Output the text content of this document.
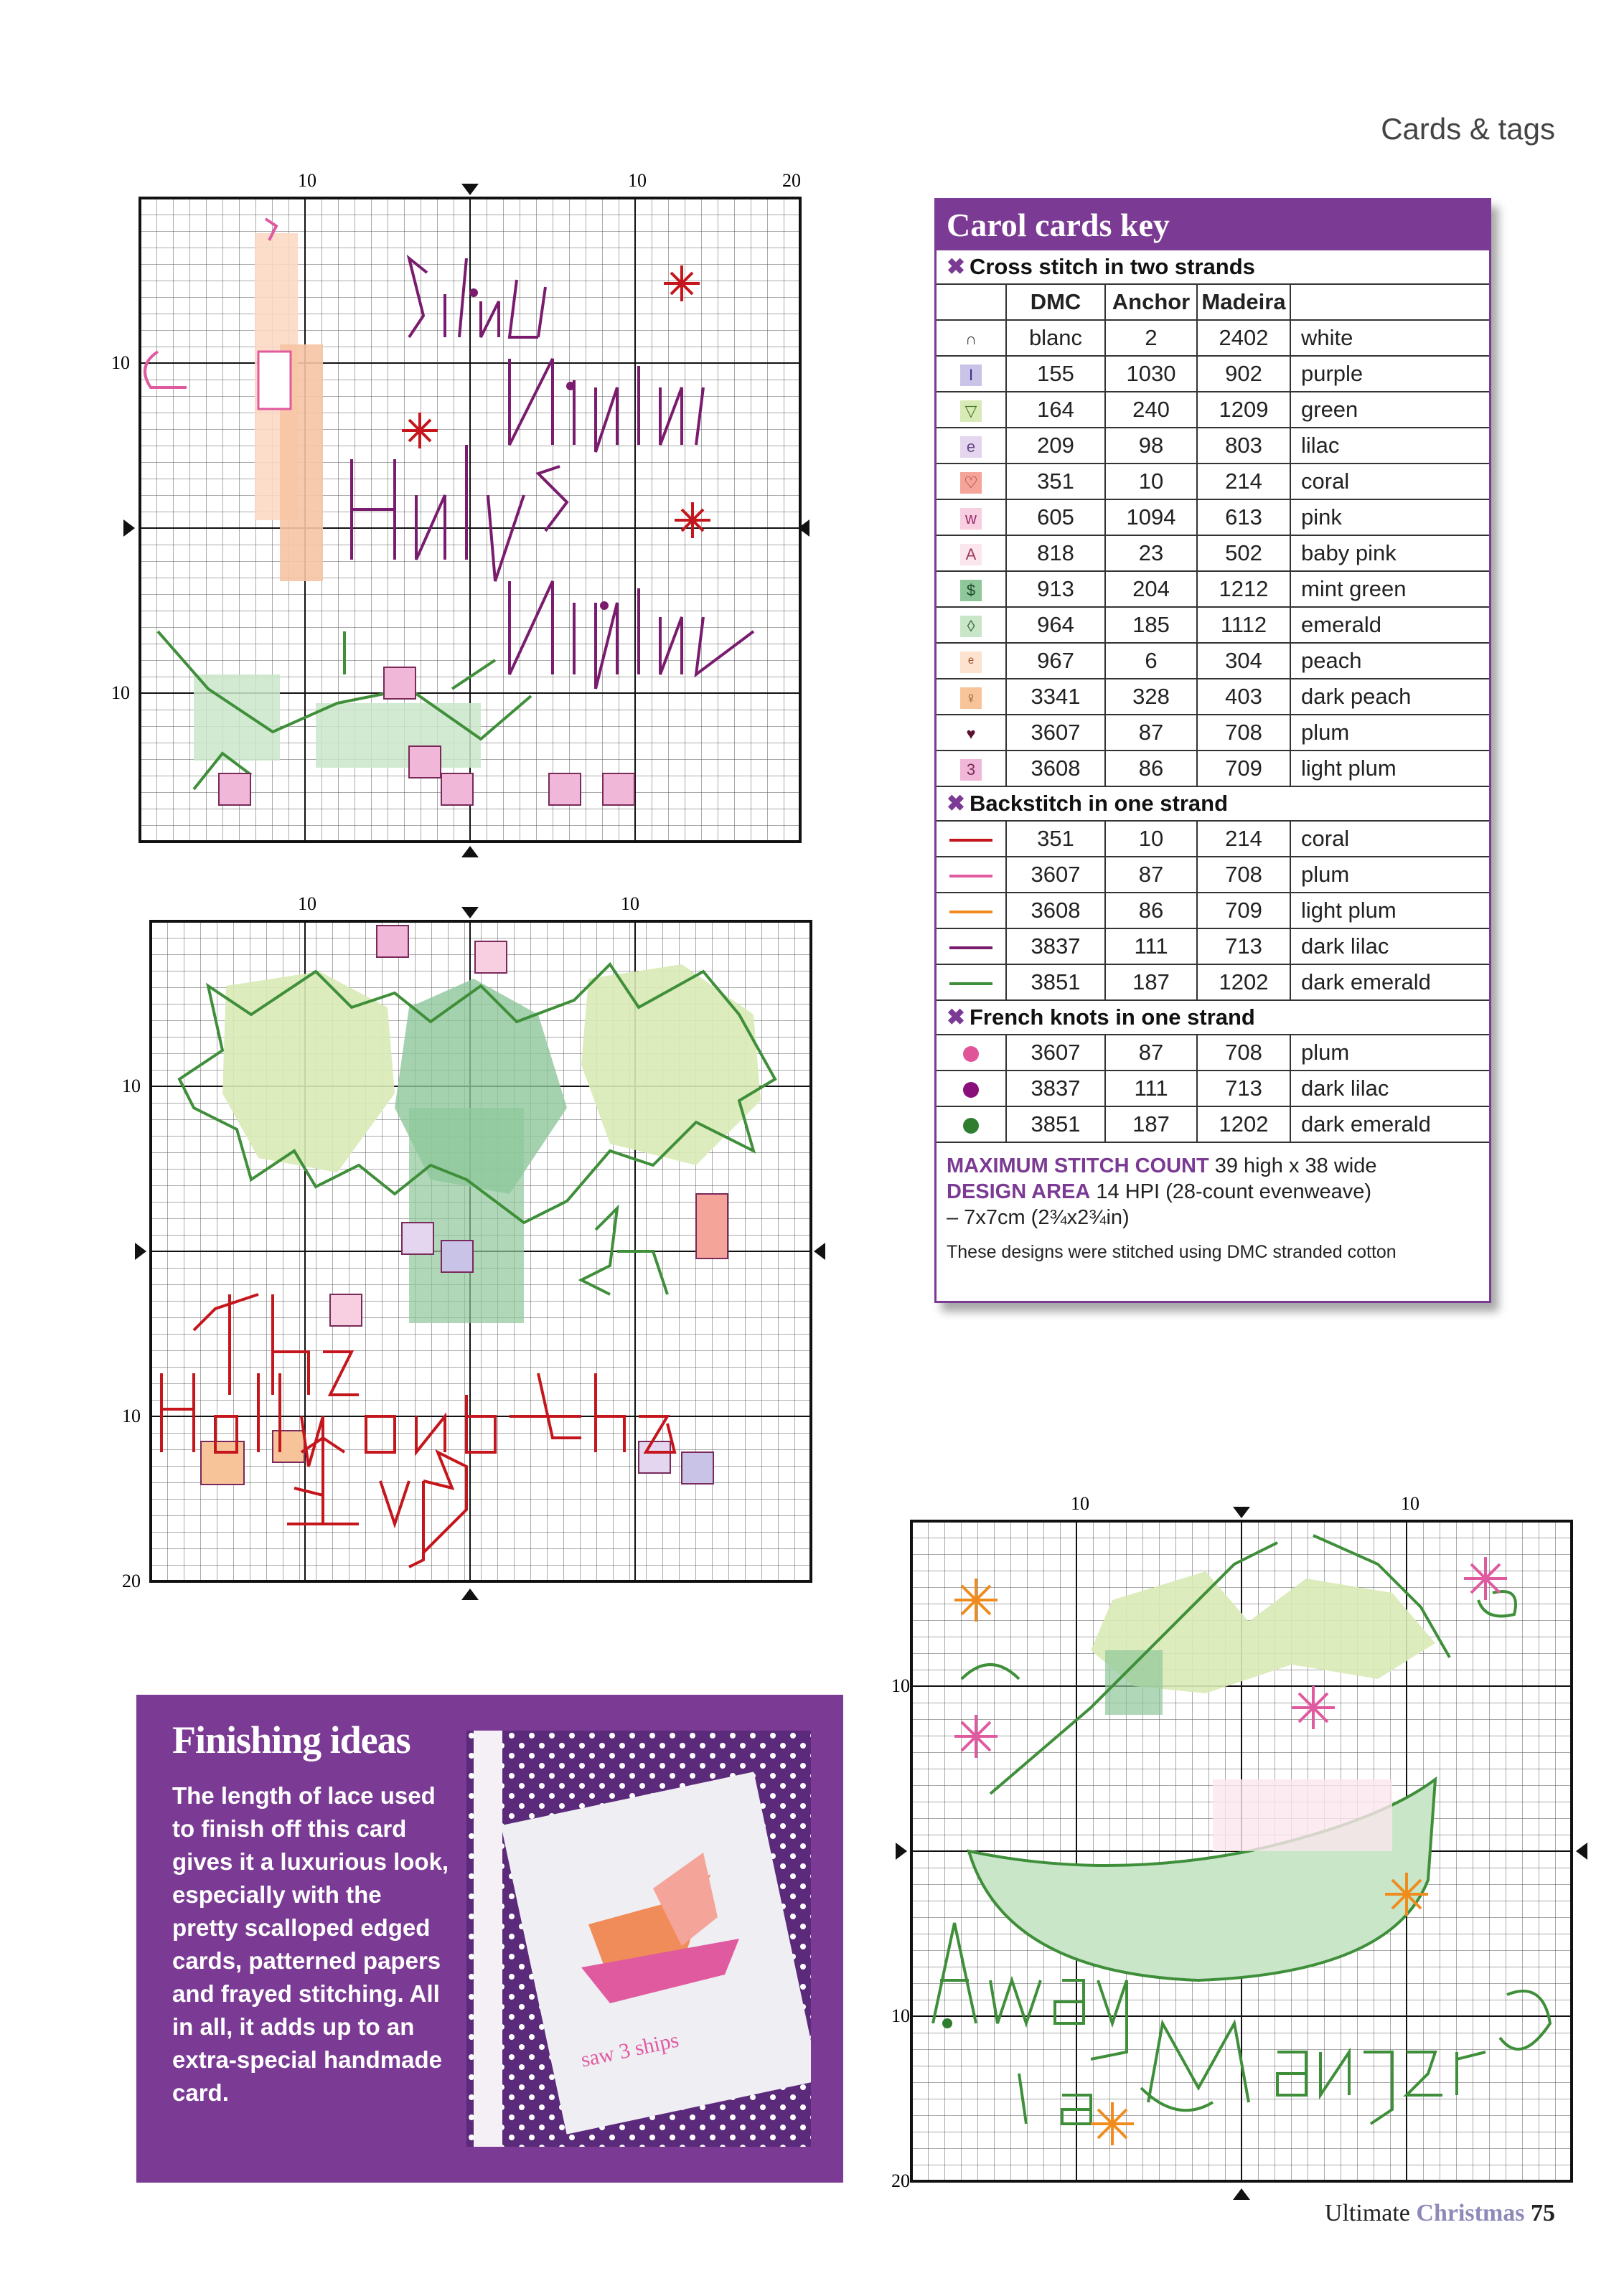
Cards & tags
10	10	20
10
10
10	10
10
10
20
10	10
10
10
20
Carol cards key
✖ Cross stitch in two strands
	DMC	Anchor	Madeira	
∩	blanc	2	2402	white
I	155	1030	902	purple
▽	164	240	1209	green
e	209	98	803	lilac
♡	351	10	214	coral
w	605	1094	613	pink
A	818	23	502	baby pink
$	913	204	1212	mint green
◊	964	185	1112	emerald
ᵉ	967	6	304	peach
♀	3341	328	403	dark peach
♥	3607	87	708	plum
3	3608	86	709	light plum
✖ Backstitch in one strand
	351	10	214	coral
	3607	87	708	plum
	3608	86	709	light plum
	3837	111	713	dark lilac
	3851	187	1202	dark emerald
✖ French knots in one strand
	3607	87	708	plum
	3837	111	713	dark lilac
	3851	187	1202	dark emerald
MAXIMUM STITCH COUNT 39 high x 38 wide
DESIGN AREA 14 HPI (28-count evenweave)
– 7x7cm (2¾x2¾in)
These designs were stitched using DMC stranded cotton
Finishing ideas
The length of lace used to finish off this card gives it a luxurious look, especially with the pretty scalloped edged cards, patterned papers and frayed stitching. All in all, it adds up to an extra-special handmade card.
saw 3 ships
Ultimate Christmas 75
